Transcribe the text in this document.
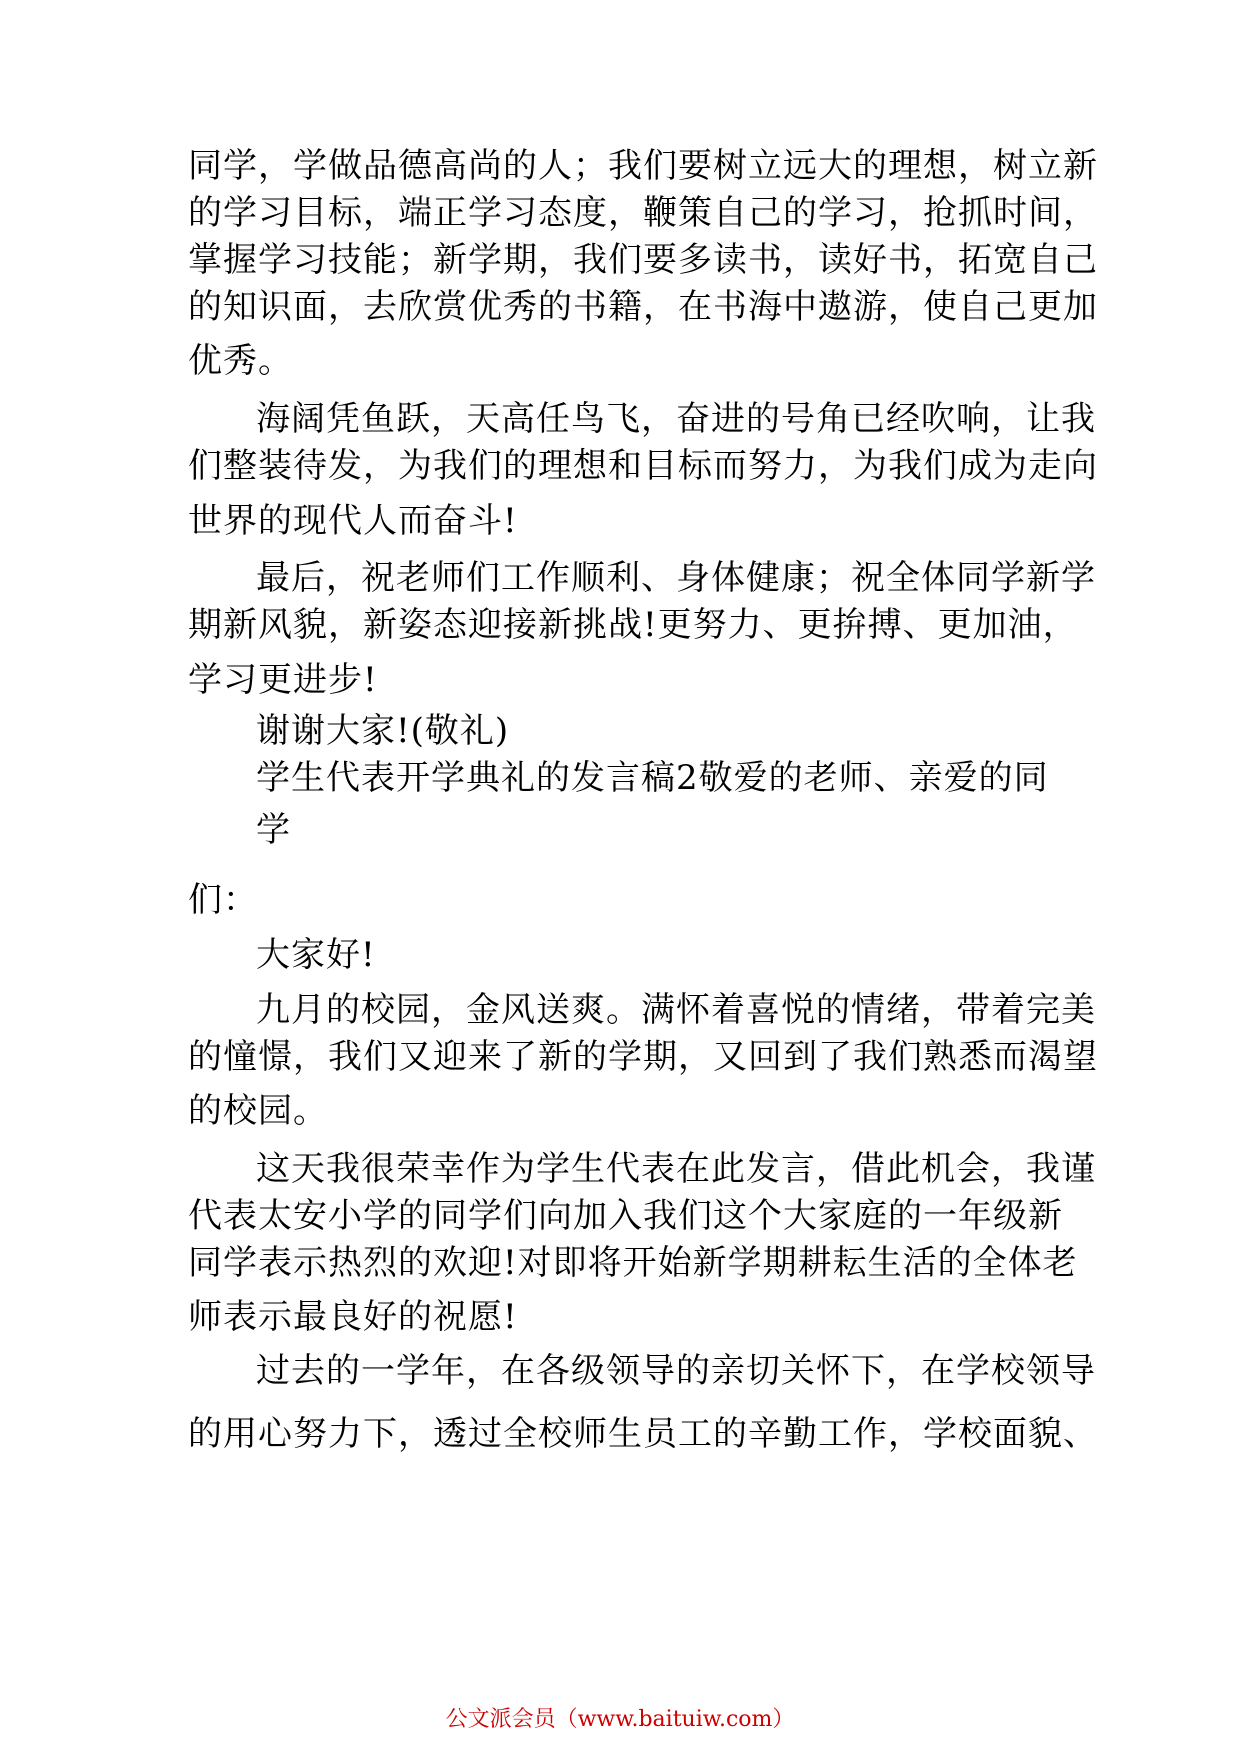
同学，学做品德高尚的人；我们要树立远大的理想，树立新
的学习目标，端正学习态度，鞭策自己的学习，抢抓时间，
掌握学习技能；新学期，我们要多读书，读好书，拓宽自己
的知识面，去欣赏优秀的书籍，在书海中遨游，使自己更加
优秀。
海阔凭鱼跃，天高任鸟飞，奋进的号角已经吹响，让我
们整装待发，为我们的理想和目标而努力，为我们成为走向
世界的现代人而奋斗!
最后，祝老师们工作顺利、身体健康；祝全体同学新学
期新风貌，新姿态迎接新挑战!更努力、更拚搏、更加油，
学习更进步!
谢谢大家!(敬礼)
学生代表开学典礼的发言稿2敬爱的老师、亲爱的同
学
们：
大家好!
九月的校园，金风送爽。满怀着喜悦的情绪，带着完美
的憧憬，我们又迎来了新的学期，又回到了我们熟悉而渴望
的校园。
这天我很荣幸作为学生代表在此发言，借此机会，我谨
代表太安小学的同学们向加入我们这个大家庭的一年级新
同学表示热烈的欢迎!对即将开始新学期耕耘生活的全体老
师表示最良好的祝愿!
过去的一学年，在各级领导的亲切关怀下，在学校领导
的用心努力下，透过全校师生员工的辛勤工作，学校面貌、
公文派会员（www.baituiw.com）
